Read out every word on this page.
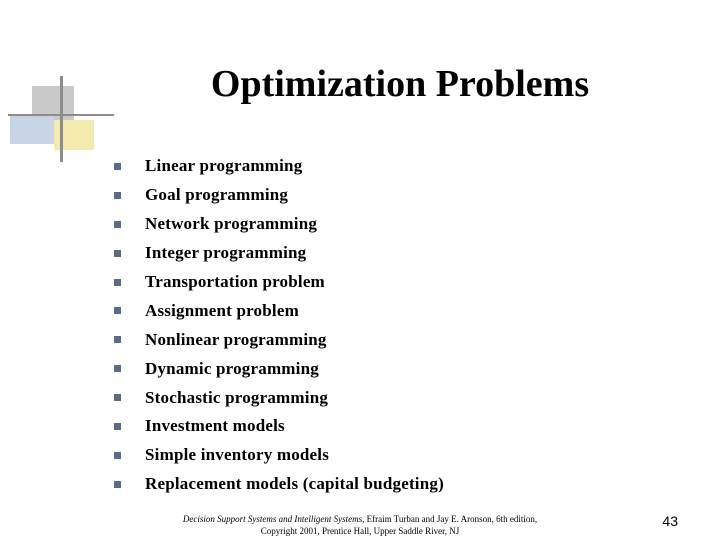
Optimization Problems
Linear programming
Goal programming
Network programming
Integer programming
Transportation problem
Assignment problem
Nonlinear programming
Dynamic programming
Stochastic programming
Investment models
Simple inventory models
Replacement models (capital budgeting)
Decision Support Systems and Intelligent Systems, Efraim Turban and Jay E. Aronson, 6th edition,
Copyright 2001, Prentice Hall, Upper Saddle River, NJ
43
